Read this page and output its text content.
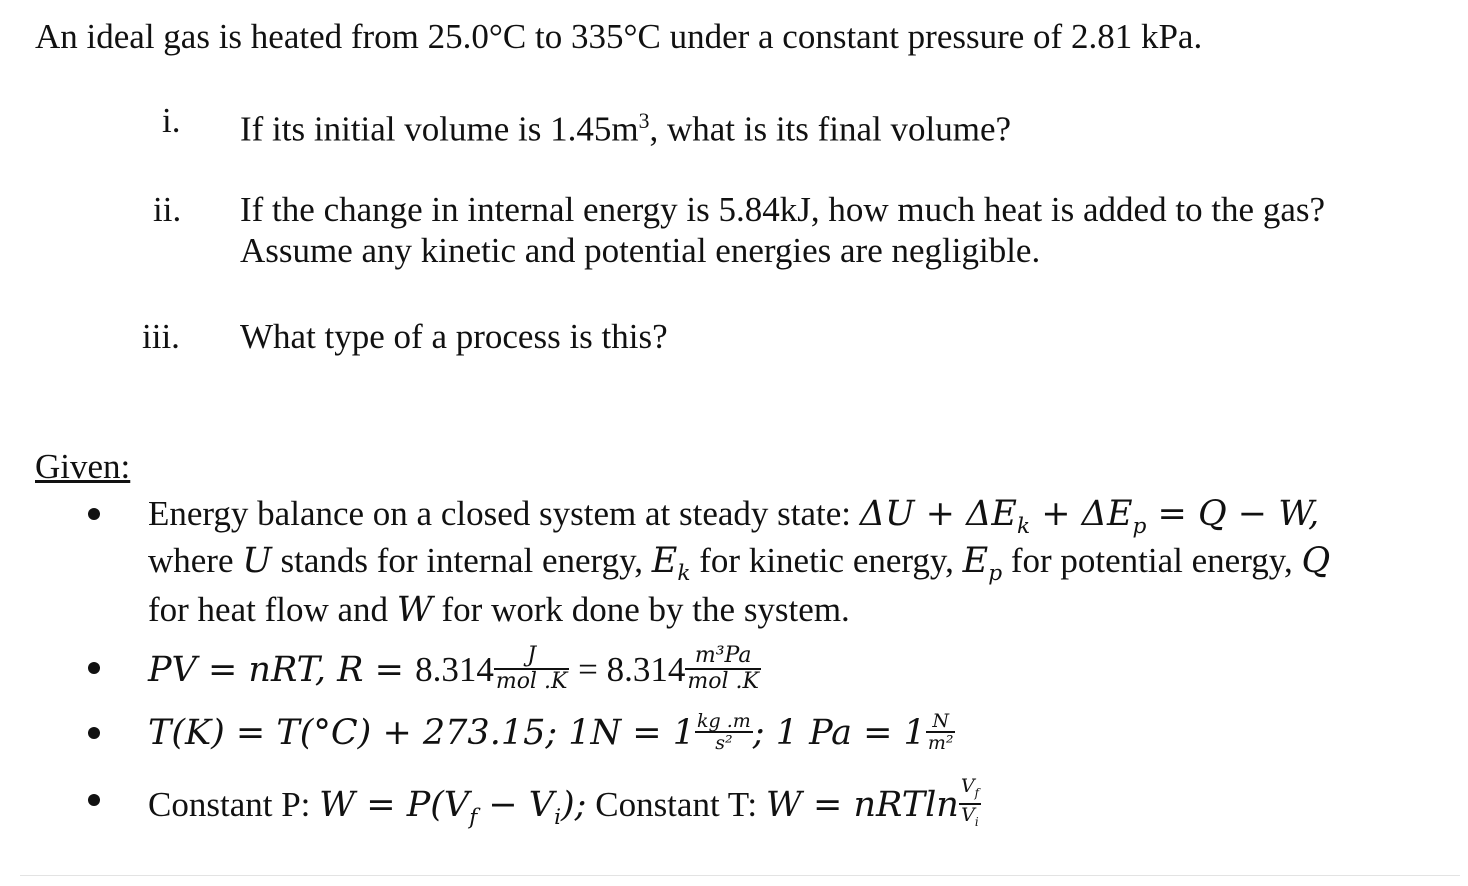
An ideal gas is heated from 25.0°C to 335°C under a constant pressure of 2.81 kPa.
i. If its initial volume is $1.45m^3$, what is its final volume?
ii. If the change in internal energy is 5.84kJ, how much heat is added to the gas?
Assume any kinetic and potential energies are negligible.
iii. What type of a process is this?
Given:
Energy balance on a closed system at steady state: $\Delta U + \Delta E_k + \Delta E_p = Q - W$,
where U stands for internal energy, $E_k$ for kinetic energy, $E_p$ for potential energy, Q
for heat flow and W for work done by the system.
PV = nRT, $R = 8.314 \frac{J}{\text{mol .K}} = 8.314 \frac{\text{m³Pa}}{\text{mol .K}}$
T(K) = T(°C) + 273.15; $1N = 1 \frac{kg .m}{\text{s²}}$ ; 1 $Pa = 1 \frac{N}{\text{m²}}$
Constant P: $W = P(V_f - V_i)$; Constant T: W = nRTln $\frac{V_f}{V_i}$
